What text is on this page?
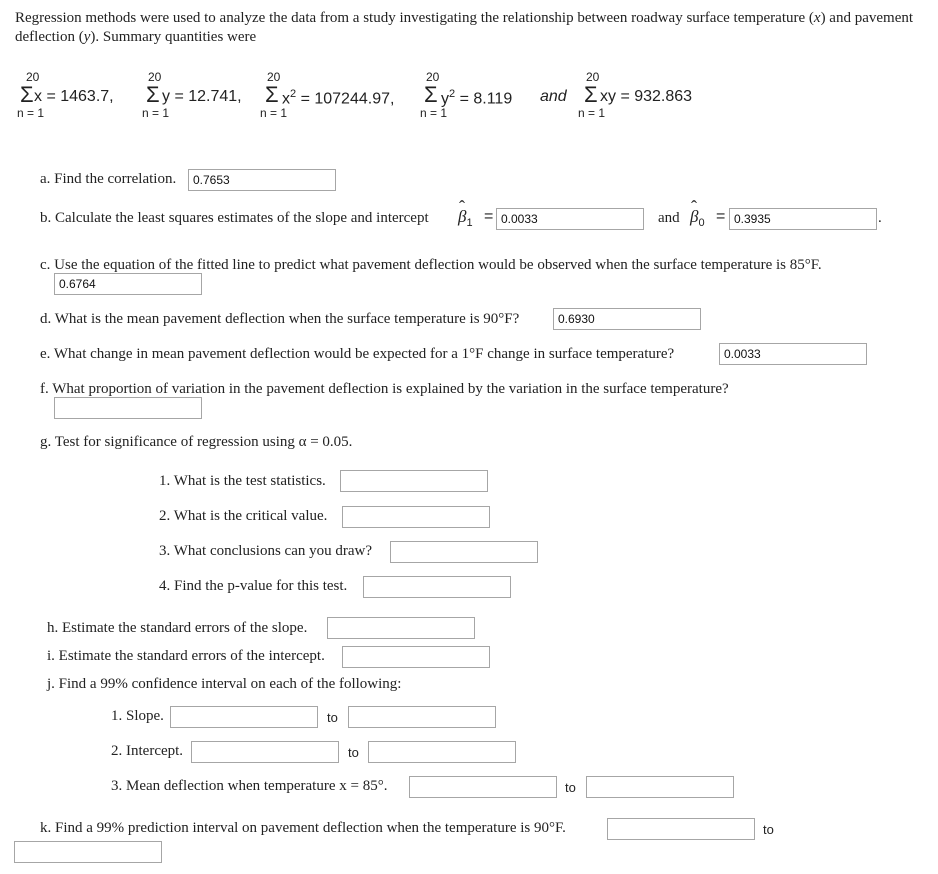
Regression methods were used to analyze the data from a study investigating the relationship between roadway surface temperature (x) and pavement deflection (y). Summary quantities were
20
Σ
n = 1
x = 1463.7,
20
Σ
n = 1
y = 12.741,
20
Σ
n = 1
$x^2 = 107244.97$,
20
Σ
n = 1
$y^2 = 8.119$ and
20
Σ
n = 1
xy = 932.863
a. Find the correlation.	0.7653
b. Calculate the least squares estimates of the slope and intercept ˆ $\beta_1 = 0.0033$	and ˆ $\beta_0 = 0.3935$	.
c. Use the equation of the fitted line to predict what pavement deflection would be observed when the surface temperature is 85°F.
0.6764
d. What is the mean pavement deflection when the surface temperature is 90°F?	0.6930
e. What change in mean pavement deflection would be expected for a 1°F change in surface temperature?	0.0033
f. What proportion of variation in the pavement deflection is explained by the variation in the surface temperature?
g. Test for significance of regression using α = 0.05.
1. What is the test statistics.
2. What is the critical value.
3. What conclusions can you draw?
4. Find the p-value for this test.
h. Estimate the standard errors of the slope.
i. Estimate the standard errors of the intercept.
j. Find a 99% confidence interval on each of the following:
1. Slope.	to
2. Intercept.	to
3. Mean deflection when temperature x = 85°.	to
k. Find a 99% prediction interval on pavement deflection when the temperature is 90°F.	to
